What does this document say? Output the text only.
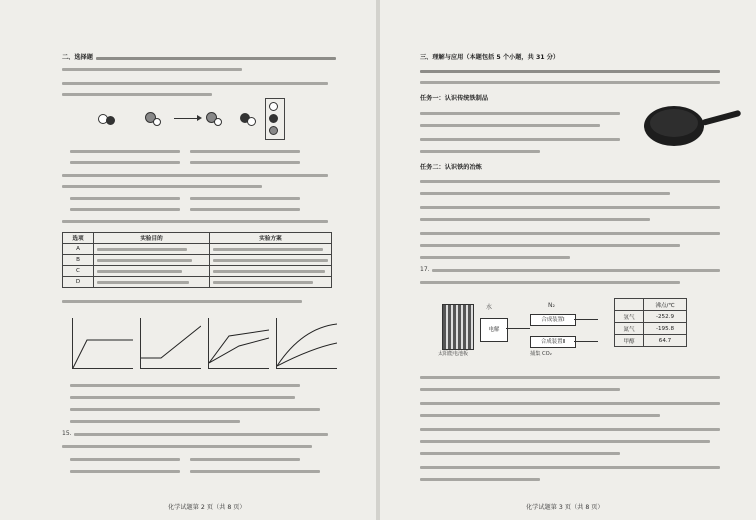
二、选择题
选项	实验目的	实验方案
A	

B	

C	

D	

15.
化学试题第 2 页（共 8 页）
三、理解与应用（本题包括 5 个小题，共 31 分）
任务一：认识传统铁制品
任务二：认识铁的冶炼
17.
太阳能电池板
水
电解
N₂
合成装置Ⅰ
合成装置Ⅱ
捕集 CO₂
	沸点/℃
氢气	-252.9
氮气	-195.8
甲醇	64.7
化学试题第 3 页（共 8 页）
